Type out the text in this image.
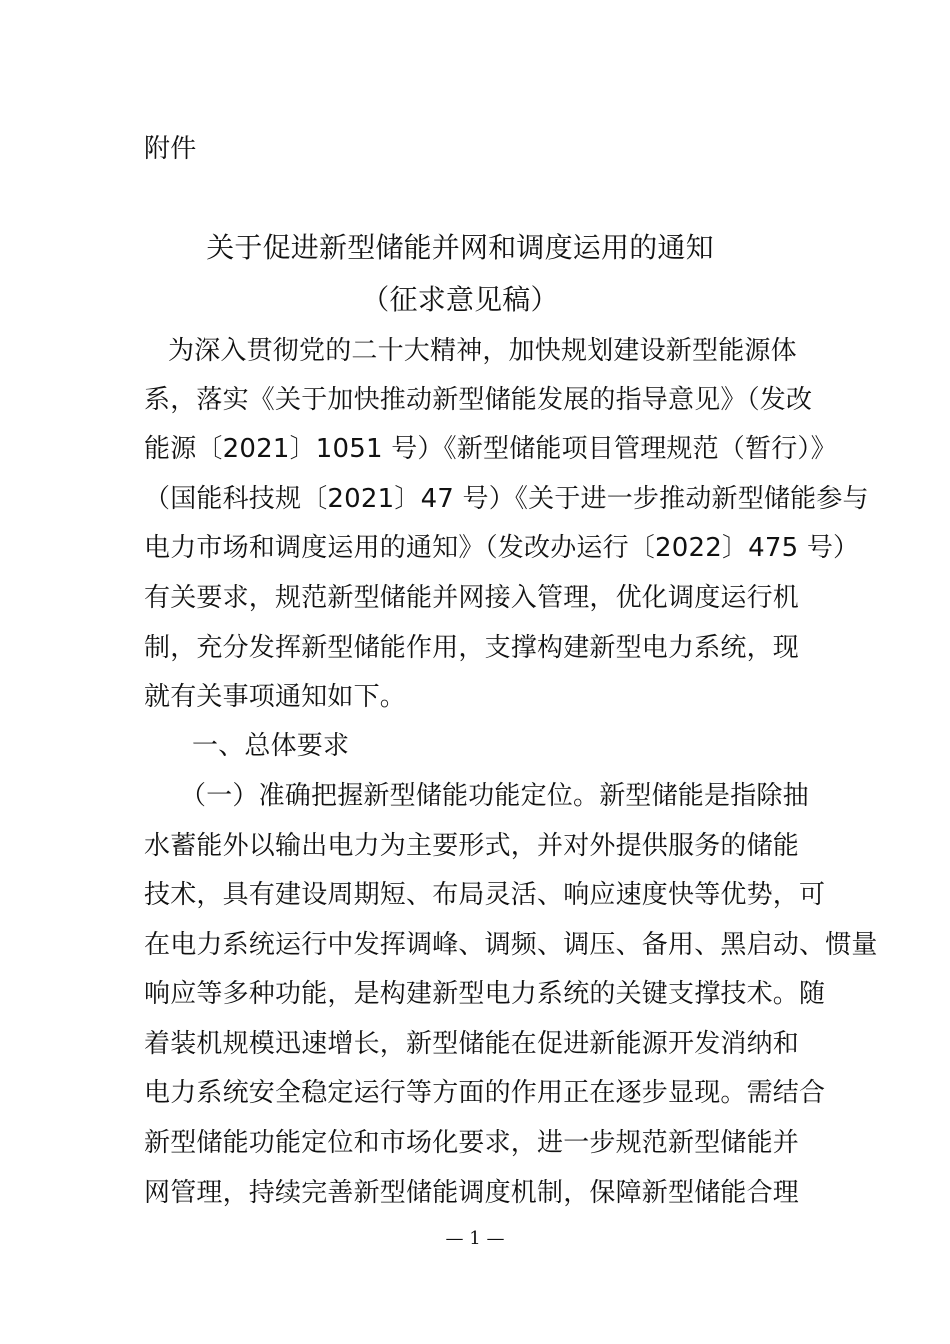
附件
关于促进新型储能并网和调度运用的通知
（征求意见稿）
为深入贯彻党的二十大精神，加快规划建设新型能源体
系，落实《关于加快推动新型储能发展的指导意见》（发改
能源〔2021〕1051 号）《新型储能项目管理规范（暂行）》
（国能科技规〔2021〕47 号）《关于进一步推动新型储能参与
电力市场和调度运用的通知》（发改办运行〔2022〕475 号）
有关要求，规范新型储能并网接入管理，优化调度运行机
制，充分发挥新型储能作用，支撑构建新型电力系统，现
就有关事项通知如下。
一、总体要求
（一）准确把握新型储能功能定位。新型储能是指除抽
水蓄能外以输出电力为主要形式，并对外提供服务的储能
技术，具有建设周期短、布局灵活、响应速度快等优势，可
在电力系统运行中发挥调峰、调频、调压、备用、黑启动、惯量
响应等多种功能，是构建新型电力系统的关键支撑技术。随
着装机规模迅速增长，新型储能在促进新能源开发消纳和
电力系统安全稳定运行等方面的作用正在逐步显现。需结合
新型储能功能定位和市场化要求，进一步规范新型储能并
网管理，持续完善新型储能调度机制，保障新型储能合理
— 1 —
